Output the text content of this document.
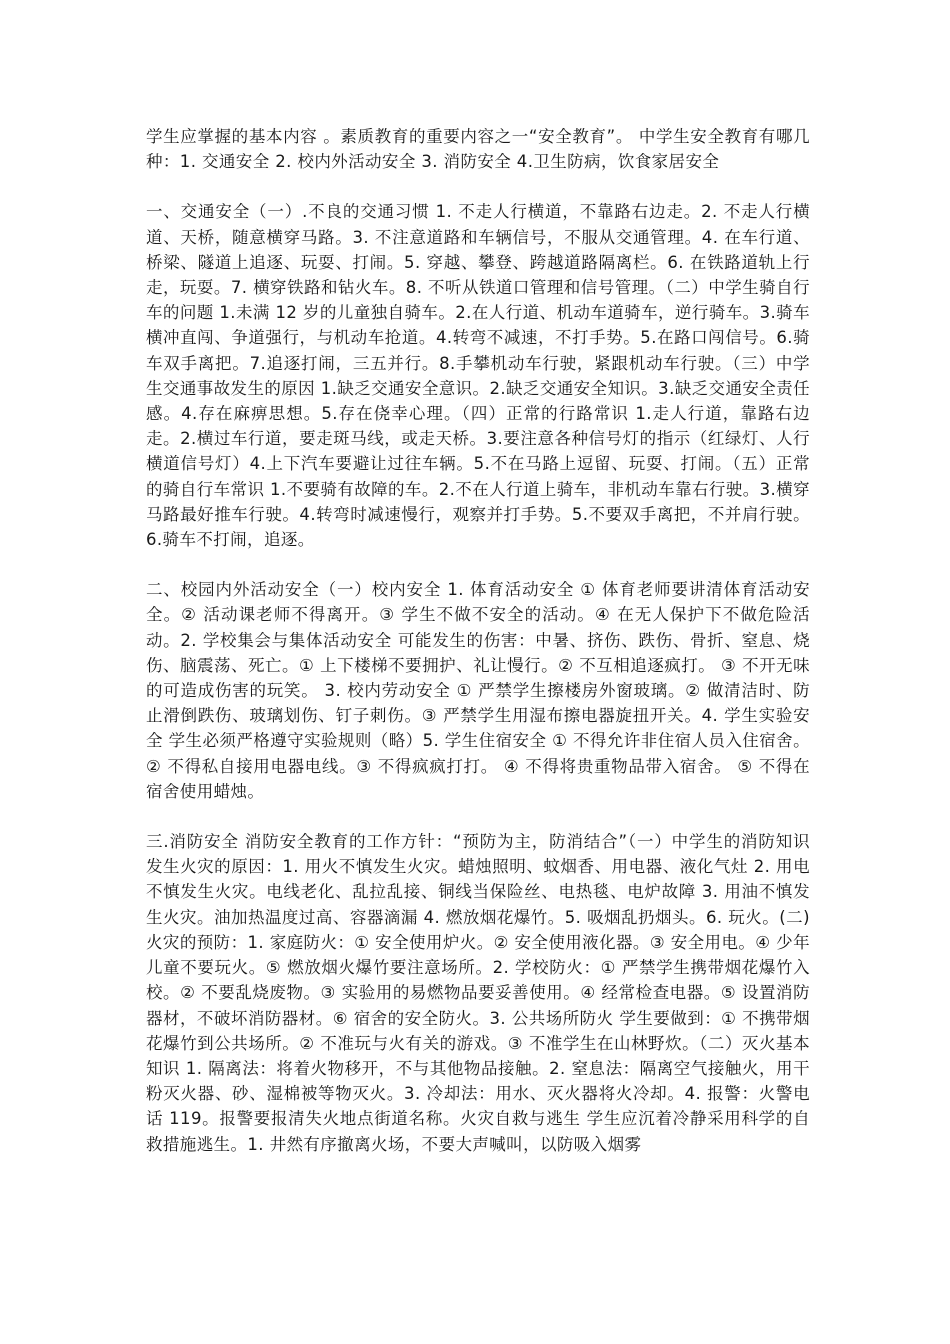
学生应掌握的基本内容 。素质教育的重要内容之一“安全教育”。 中学生安全教育有哪几种：1. 交通安全 2. 校内外活动安全 3. 消防安全 4.卫生防病，饮食家居安全

一、交通安全（一）.不良的交通习惯 1. 不走人行横道，不靠路右边走。2. 不走人行横道、天桥，随意横穿马路。3. 不注意道路和车辆信号，不服从交通管理。4. 在车行道、桥梁、隧道上追逐、玩耍、打闹。5. 穿越、攀登、跨越道路隔离栏。6. 在铁路道轨上行走，玩耍。7. 横穿铁路和钻火车。8. 不听从铁道口管理和信号管理。（二）中学生骑自行车的问题 1.未满 12 岁的儿童独自骑车。2.在人行道、机动车道骑车，逆行骑车。3.骑车横冲直闯、争道强行，与机动车抢道。4.转弯不减速，不打手势。5.在路口闯信号。6.骑车双手离把。7.追逐打闹，三五并行。8.手攀机动车行驶，紧跟机动车行驶。（三）中学生交通事故发生的原因 1.缺乏交通安全意识。2.缺乏交通安全知识。3.缺乏交通安全责任感。4.存在麻痹思想。5.存在侥幸心理。（四）正常的行路常识 1.走人行道，靠路右边走。2.横过车行道，要走斑马线，或走天桥。3.要注意各种信号灯的指示（红绿灯、人行横道信号灯）4.上下汽车要避让过往车辆。5.不在马路上逗留、玩耍、打闹。（五）正常的骑自行车常识 1.不要骑有故障的车。2.不在人行道上骑车，非机动车靠右行驶。3.横穿马路最好推车行驶。4.转弯时减速慢行，观察并打手势。5.不要双手离把，不并肩行驶。 6.骑车不打闹，追逐。

二、校园内外活动安全（一）校内安全 1. 体育活动安全 ① 体育老师要讲清体育活动安全。② 活动课老师不得离开。③ 学生不做不安全的活动。④ 在无人保护下不做危险活动。2. 学校集会与集体活动安全 可能发生的伤害：中暑、挤伤、跌伤、骨折、窒息、烧伤、脑震荡、死亡。① 上下楼梯不要拥护、礼让慢行。② 不互相追逐疯打。 ③ 不开无味的可造成伤害的玩笑。 3. 校内劳动安全 ① 严禁学生擦楼房外窗玻璃。② 做清洁时、防止滑倒跌伤、玻璃划伤、钉子刺伤。③ 严禁学生用湿布擦电器旋扭开关。4. 学生实验安全 学生必须严格遵守实验规则（略）5. 学生住宿安全 ① 不得允许非住宿人员入住宿舍。② 不得私自接用电器电线。③ 不得疯疯打打。 ④ 不得将贵重物品带入宿舍。 ⑤ 不得在宿舍使用蜡烛。

三.消防安全 消防安全教育的工作方针：“预防为主，防消结合”（一）中学生的消防知识 发生火灾的原因：1. 用火不慎发生火灾。蜡烛照明、蚊烟香、用电器、液化气灶 2. 用电不慎发生火灾。电线老化、乱拉乱接、铜线当保险丝、电热毯、电炉故障 3. 用油不慎发生火灾。油加热温度过高、容器滴漏 4. 燃放烟花爆竹。5. 吸烟乱扔烟头。6. 玩火。(二)火灾的预防：1. 家庭防火：① 安全使用炉火。② 安全使用液化器。③ 安全用电。④ 少年儿童不要玩火。⑤ 燃放烟火爆竹要注意场所。2. 学校防火：① 严禁学生携带烟花爆竹入校。② 不要乱烧废物。③ 实验用的易燃物品要妥善使用。④ 经常检查电器。⑤ 设置消防器材，不破坏消防器材。⑥ 宿舍的安全防火。3. 公共场所防火 学生要做到：① 不携带烟花爆竹到公共场所。② 不准玩与火有关的游戏。③ 不准学生在山林野炊。（二）灭火基本知识 1. 隔离法：将着火物移开，不与其他物品接触。2. 窒息法：隔离空气接触火，用干粉灭火器、砂、湿棉被等物灭火。3. 冷却法：用水、灭火器将火冷却。4. 报警：火警电话 119。报警要报清失火地点街道名称。火灾自救与逃生 学生应沉着冷静采用科学的自救措施逃生。1. 井然有序撤离火场，不要大声喊叫，以防吸入烟雾
